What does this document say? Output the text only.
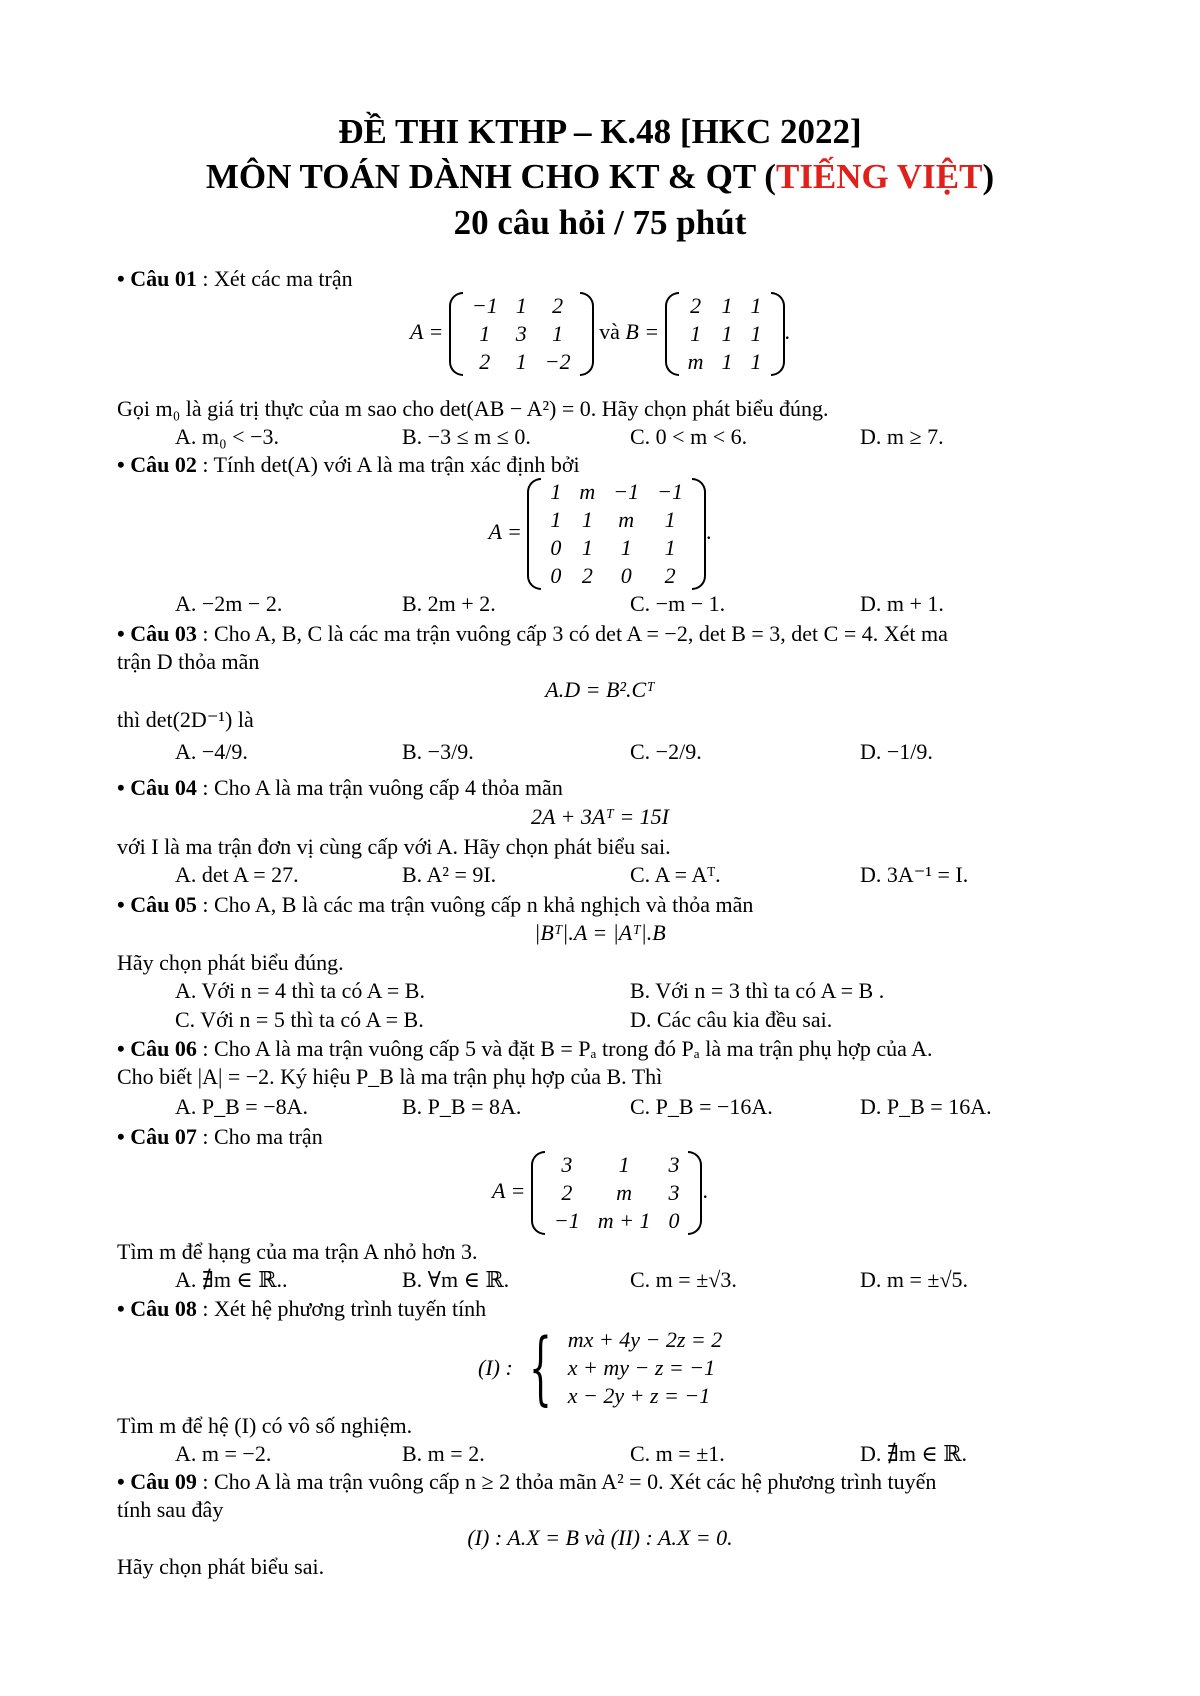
ĐỀ THI KTHP – K.48 [HKC 2022]
MÔN TOÁN DÀNH CHO KT & QT (TIẾNG VIỆT)
20 câu hỏi / 75 phút
• Câu 01 : Xét các ma trận
A = −1	1	2
1	3	1
2	1	−2 và B = 2	1	1
1	1	1
m	1	1.
Gọi m₀ là giá trị thực của m sao cho det(AB − A²) = 0. Hãy chọn phát biểu đúng.
A. m₀ < −3.	B. −3 ≤ m ≤ 0.	C. 0 < m < 6.	D. m ≥ 7.
• Câu 02 : Tính det(A) với A là ma trận xác định bởi
A = 1	m	−1	−1
1	1	m	1
0	1	1	1
0	2	0	2.
A. −2m − 2.	B. 2m + 2.	C. −m − 1.	D. m + 1.
• Câu 03 : Cho A, B, C là các ma trận vuông cấp 3 có det A = −2, det B = 3, det C = 4. Xét ma
trận D thỏa mãn
A.D = B².Cᵀ
thì det(2D⁻¹) là
A. −4/9.	B. −3/9.	C. −2/9.	D. −1/9.
• Câu 04 : Cho A là ma trận vuông cấp 4 thỏa mãn
2A + 3Aᵀ = 15I
với I là ma trận đơn vị cùng cấp với A. Hãy chọn phát biểu sai.
A. det A = 27.	B. A² = 9I.	C. A = Aᵀ.	D. 3A⁻¹ = I.
• Câu 05 : Cho A, B là các ma trận vuông cấp n khả nghịch và thỏa mãn
|Bᵀ|.A = |Aᵀ|.B
Hãy chọn phát biểu đúng.
A. Với n = 4 thì ta có A = B.	B. Với n = 3 thì ta có A = B .
C. Với n = 5 thì ta có A = B.	D. Các câu kia đều sai.
• Câu 06 : Cho A là ma trận vuông cấp 5 và đặt B = Pₐ trong đó Pₐ là ma trận phụ hợp của A.
Cho biết |A| = −2. Ký hiệu P_B là ma trận phụ hợp của B. Thì
A. P_B = −8A.	B. P_B = 8A.	C. P_B = −16A.	D. P_B = 16A.
• Câu 07 : Cho ma trận
A = 3	1	3
2	m	3
−1	m + 1	0.
Tìm m để hạng của ma trận A nhỏ hơn 3.
A. ∄m ∈ ℝ..	B. ∀m ∈ ℝ.	C. m = ±√3.	D. m = ±√5.
• Câu 08 : Xét hệ phương trình tuyến tính
(I) : { mx + 4y − 2z = 2
x + my − z = −1
x − 2y + z = −1
Tìm m để hệ (I) có vô số nghiệm.
A. m = −2.	B. m = 2.	C. m = ±1.	D. ∄m ∈ ℝ.
• Câu 09 : Cho A là ma trận vuông cấp n ≥ 2 thỏa mãn A² = 0. Xét các hệ phương trình tuyến
tính sau đây
(I) : A.X = B và (II) : A.X = 0.
Hãy chọn phát biểu sai.
